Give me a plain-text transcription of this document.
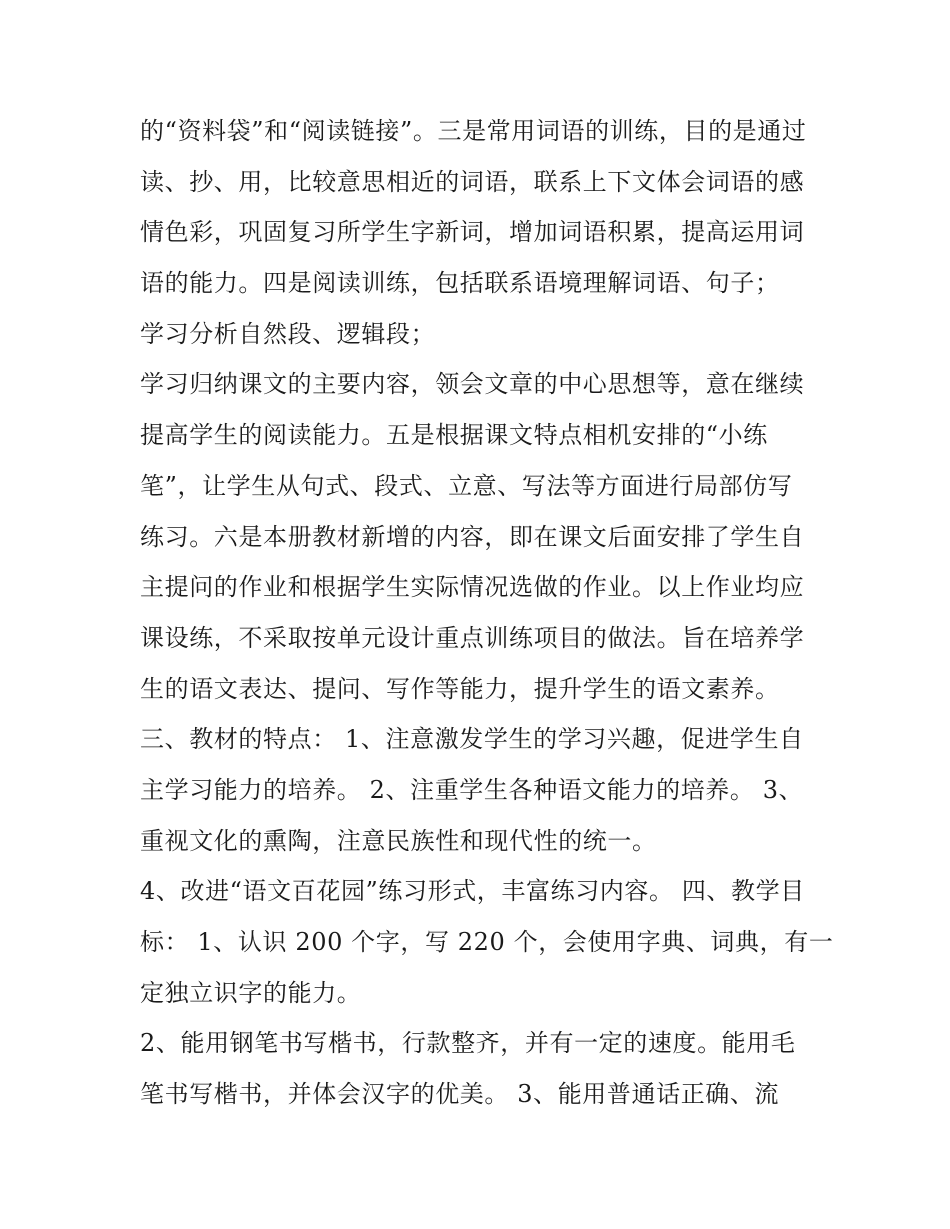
的“资料袋”和“阅读链接”。三是常用词语的训练，目的是通过
读、抄、用，比较意思相近的词语，联系上下文体会词语的感
情色彩，巩固复习所学生字新词，增加词语积累，提高运用词
语的能力。四是阅读训练，包括联系语境理解词语、句子；
学习分析自然段、逻辑段；
学习归纳课文的主要内容，领会文章的中心思想等，意在继续
提高学生的阅读能力。五是根据课文特点相机安排的“小练
笔”，让学生从句式、段式、立意、写法等方面进行局部仿写
练习。六是本册教材新增的内容，即在课文后面安排了学生自
主提问的作业和根据学生实际情况选做的作业。以上作业均应
课设练，不采取按单元设计重点训练项目的做法。旨在培养学
生的语文表达、提问、写作等能力，提升学生的语文素养。
三、教材的特点： 1、注意激发学生的学习兴趣，促进学生自
主学习能力的培养。 2、注重学生各种语文能力的培养。 3、
重视文化的熏陶，注意民族性和现代性的统一。
4、改进“语文百花园”练习形式，丰富练习内容。 四、教学目
标： 1、认识 200 个字，写 220 个，会使用字典、词典，有一
定独立识字的能力。
2、能用钢笔书写楷书，行款整齐，并有一定的速度。能用毛
笔书写楷书，并体会汉字的优美。 3、能用普通话正确、流
